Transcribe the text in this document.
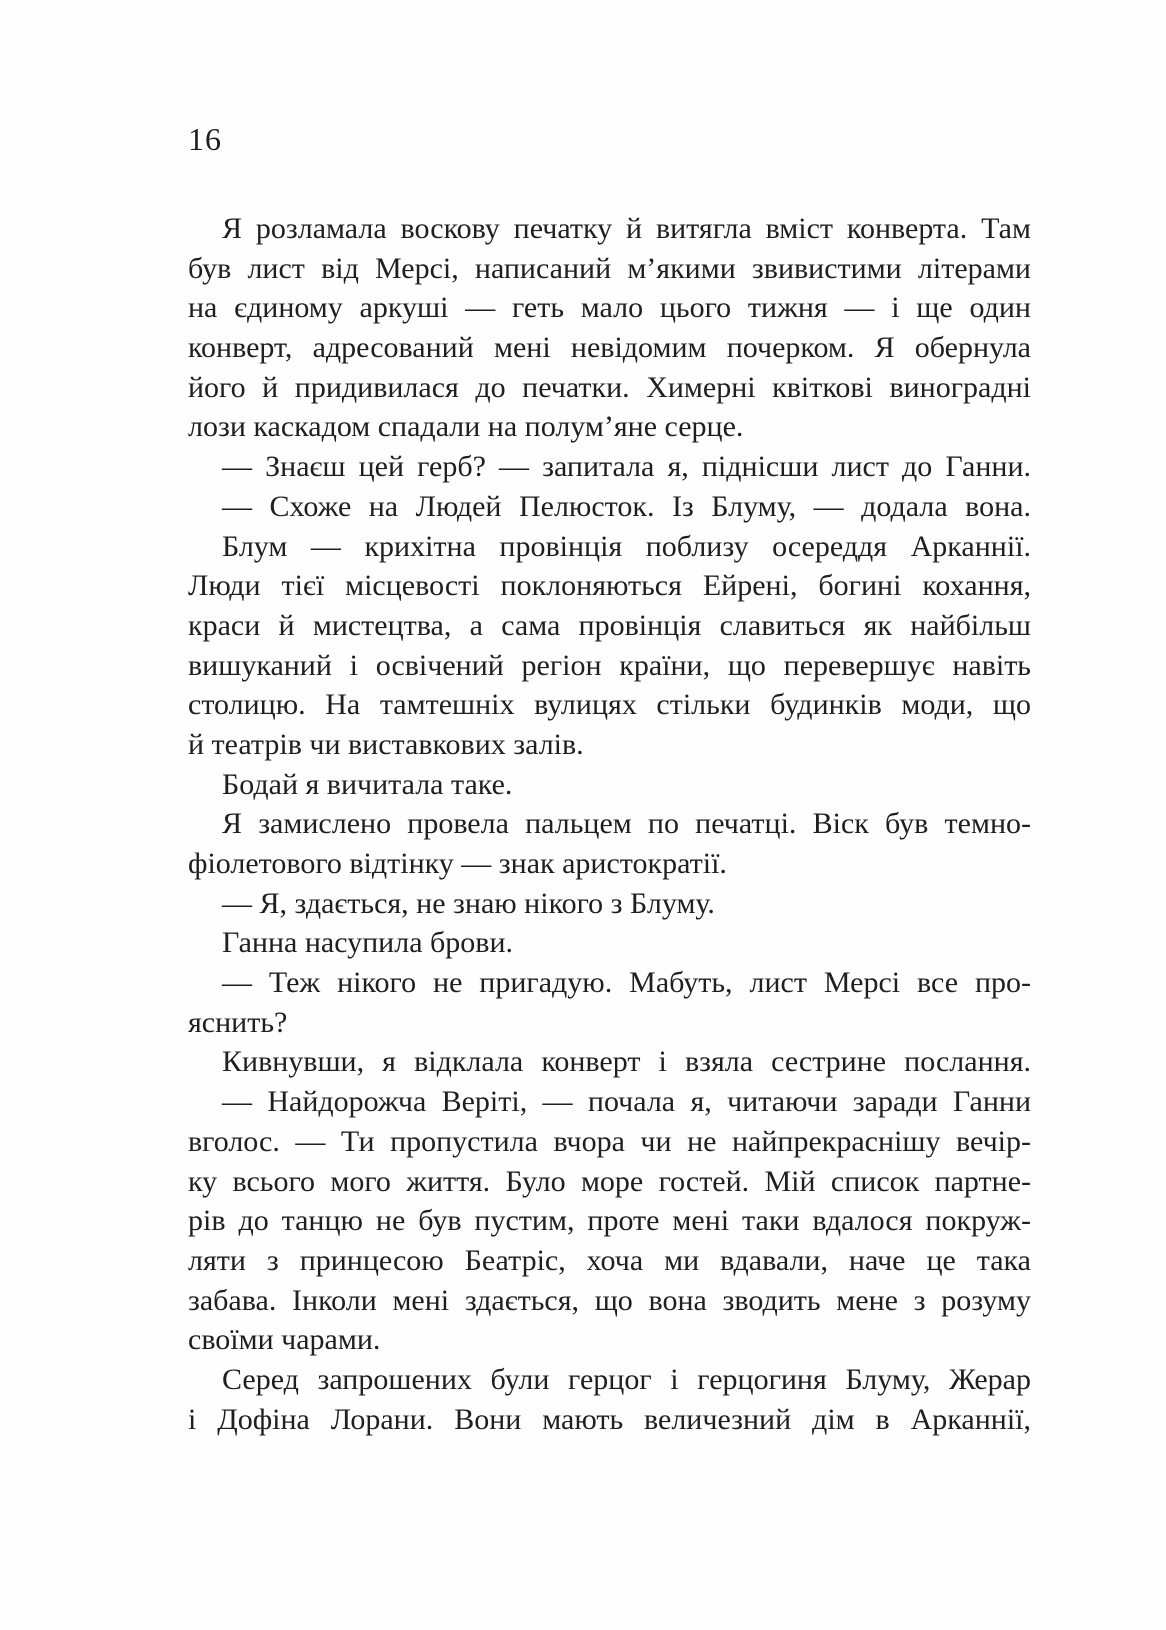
16
Я розламала воскову печатку й витягла вміст конверта. Там
був лист від Мерсі, написаний м’якими звивистими літерами
на єдиному аркуші — геть мало цього тижня — і ще один
конверт, адресований мені невідомим почерком. Я обернула
його й придивилася до печатки. Химерні квіткові виноградні
лози каскадом спадали на полум’яне серце.
— Знаєш цей герб? — запитала я, піднісши лист до Ганни.
— Схоже на Людей Пелюсток. Із Блуму, — додала вона.
Блум — крихітна провінція поблизу осереддя Арканнії.
Люди тієї місцевості поклоняються Ейрені, богині кохання,
краси й мистецтва, а сама провінція славиться як найбільш
вишуканий і освічений регіон країни, що перевершує навіть
столицю. На тамтешніх вулицях стільки будинків моди, що
й театрів чи виставкових залів.
Бодай я вичитала таке.
Я замислено провела пальцем по печатці. Віск був темно-
фіолетового відтінку — знак аристократії.
— Я, здається, не знаю нікого з Блуму.
Ганна насупила брови.
— Теж нікого не пригадую. Мабуть, лист Мерсі все про-
яснить?
Кивнувши, я відклала конверт і взяла сестрине послання.
— Найдорожча Веріті, — почала я, читаючи заради Ганни
вголос. — Ти пропустила вчора чи не найпрекраснішу вечір-
ку всього мого життя. Було море гостей. Мій список партне-
рів до танцю не був пустим, проте мені таки вдалося покруж-
ляти з принцесою Беатріс, хоча ми вдавали, наче це така
забава. Інколи мені здається, що вона зводить мене з розуму
своїми чарами.
Серед запрошених були герцог і герцогиня Блуму, Жерар
і Дофіна Лорани. Вони мають величезний дім в Арканнії,
